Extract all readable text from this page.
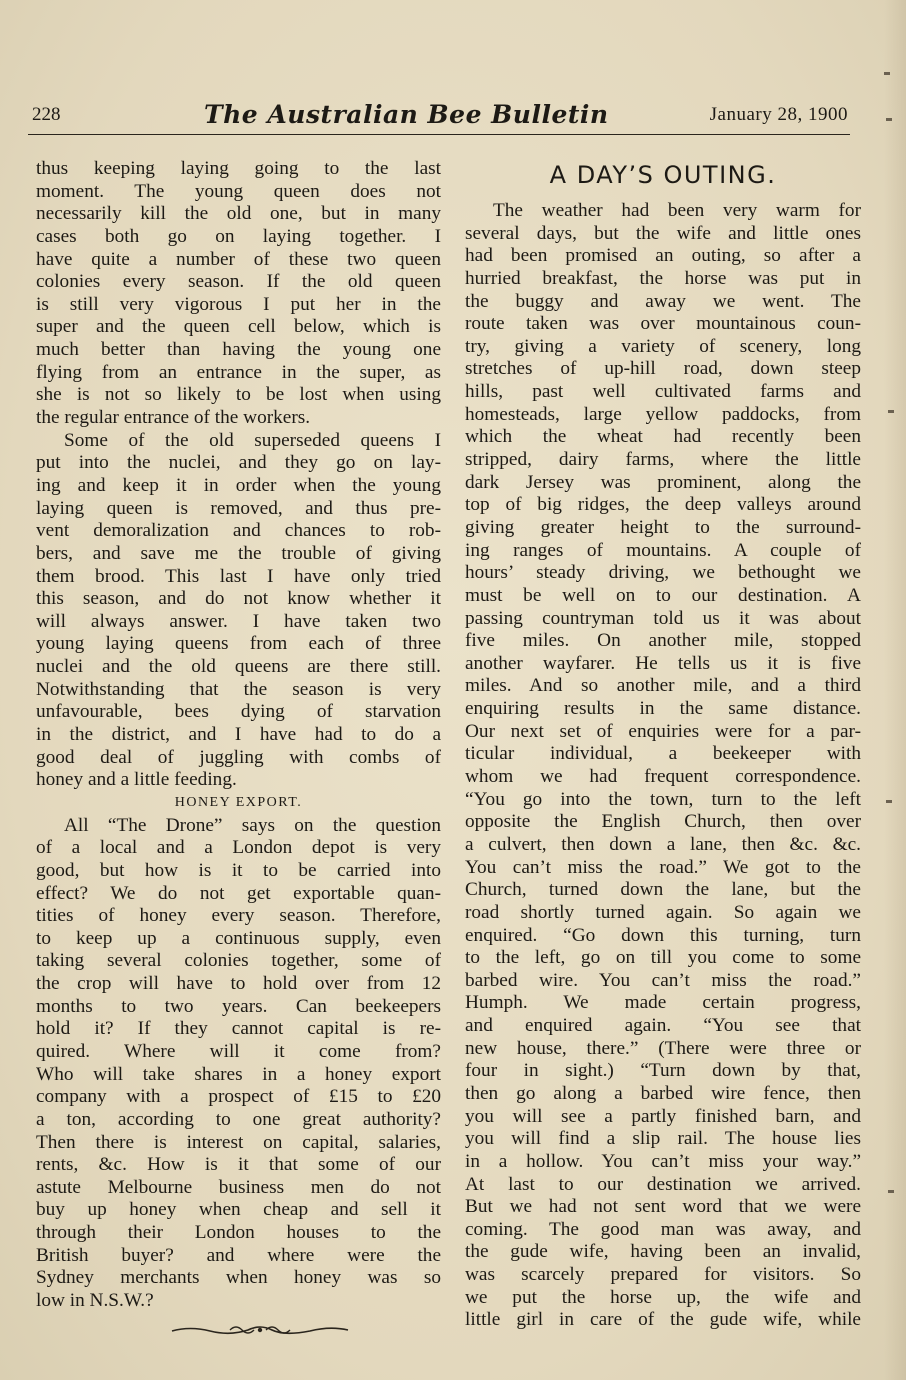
228	The Australian Bee Bulletin	January 28, 1900
thus keeping laying going to the last
moment. The young queen does not
necessarily kill the old one, but in many
cases both go on laying together. I
have quite a number of these two queen
colonies every season. If the old queen
is still very vigorous I put her in the
super and the queen cell below, which is
much better than having the young one
flying from an entrance in the super, as
she is not so likely to be lost when using
the regular entrance of the workers.
Some of the old superseded queens I
put into the nuclei, and they go on lay-
ing and keep it in order when the young
laying queen is removed, and thus pre-
vent demoralization and chances to rob-
bers, and save me the trouble of giving
them brood. This last I have only tried
this season, and do not know whether it
will always answer. I have taken two
young laying queens from each of three
nuclei and the old queens are there still.
Notwithstanding that the season is very
unfavourable, bees dying of starvation
in the district, and I have had to do a
good deal of juggling with combs of
honey and a little feeding.
HONEY EXPORT.
All “The Drone” says on the question
of a local and a London depot is very
good, but how is it to be carried into
effect? We do not get exportable quan-
tities of honey every season. Therefore,
to keep up a continuous supply, even
taking several colonies together, some of
the crop will have to hold over from 12
months to two years. Can beekeepers
hold it? If they cannot capital is re-
quired. Where will it come from?
Who will take shares in a honey export
company with a prospect of £15 to £20
a ton, according to one great authority?
Then there is interest on capital, salaries,
rents, &c. How is it that some of our
astute Melbourne business men do not
buy up honey when cheap and sell it
through their London houses to the
British buyer? and where were the
Sydney merchants when honey was so
low in N.S.W.?
A DAY’S OUTING.
The weather had been very warm for
several days, but the wife and little ones
had been promised an outing, so after a
hurried breakfast, the horse was put in
the buggy and away we went. The
route taken was over mountainous coun-
try, giving a variety of scenery, long
stretches of up-hill road, down steep
hills, past well cultivated farms and
homesteads, large yellow paddocks, from
which the wheat had recently been
stripped, dairy farms, where the little
dark Jersey was prominent, along the
top of big ridges, the deep valleys around
giving greater height to the surround-
ing ranges of mountains. A couple of
hours’ steady driving, we bethought we
must be well on to our destination. A
passing countryman told us it was about
five miles. On another mile, stopped
another wayfarer. He tells us it is five
miles. And so another mile, and a third
enquiring results in the same distance.
Our next set of enquiries were for a par-
ticular individual, a beekeeper with
whom we had frequent correspondence.
“You go into the town, turn to the left
opposite the English Church, then over
a culvert, then down a lane, then &c. &c.
You can’t miss the road.” We got to the
Church, turned down the lane, but the
road shortly turned again. So again we
enquired. “Go down this turning, turn
to the left, go on till you come to some
barbed wire. You can’t miss the road.”
Humph. We made certain progress,
and enquired again. “You see that
new house, there.” (There were three or
four in sight.) “Turn down by that,
then go along a barbed wire fence, then
you will see a partly finished barn, and
you will find a slip rail. The house lies
in a hollow. You can’t miss your way.”
At last to our destination we arrived.
But we had not sent word that we were
coming. The good man was away, and
the gude wife, having been an invalid,
was scarcely prepared for visitors. So
we put the horse up, the wife and
little girl in care of the gude wife, while
